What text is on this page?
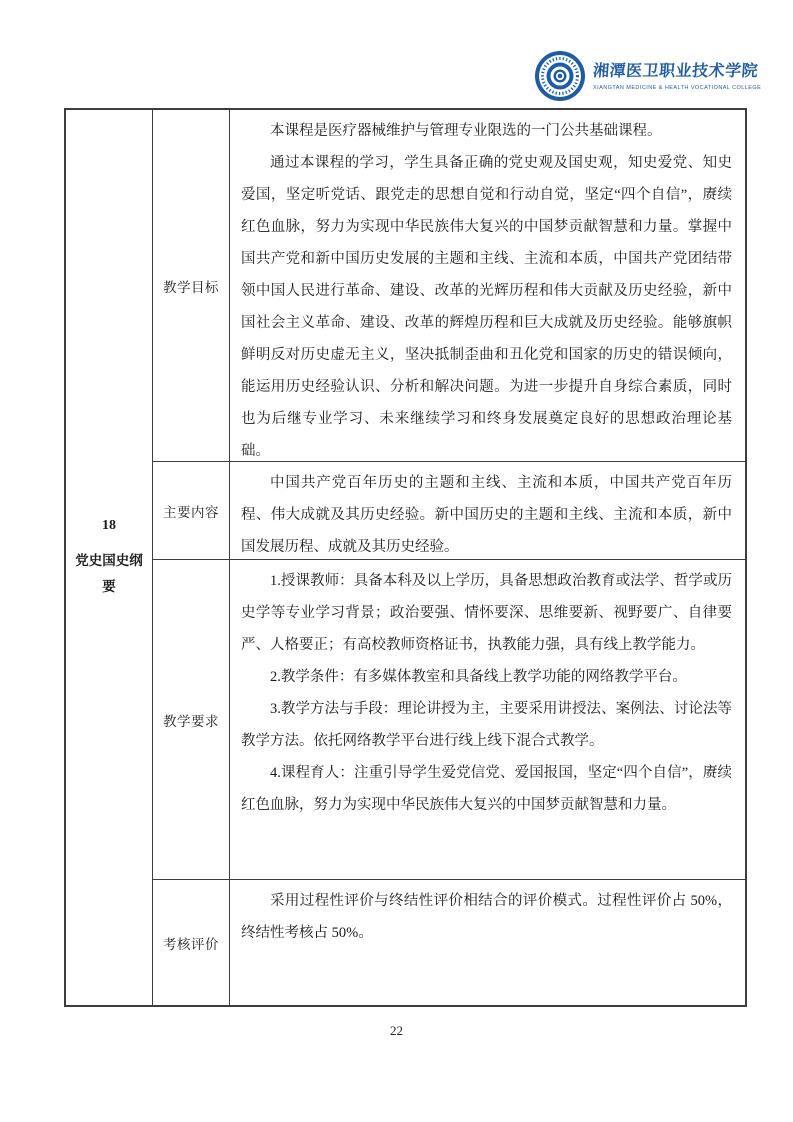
湘潭医卫职业技术学院
XIANGTAN MEDICINE & HEALTH VOCATIONAL COLLEGE
18
党史国史纲要
教学目标

本课程是医疗器械维护与管理专业限选的一门公共基础课程。

通过本课程的学习，学生具备正确的党史观及国史观，知史爱党、知史爱国，坚定听党话、跟党走的思想自觉和行动自觉，坚定“四个自信”，赓续红色血脉，努力为实现中华民族伟大复兴的中国梦贡献智慧和力量。掌握中国共产党和新中国历史发展的主题和主线、主流和本质，中国共产党团结带领中国人民进行革命、建设、改革的光辉历程和伟大贡献及历史经验，新中国社会主义革命、建设、改革的辉煌历程和巨大成就及历史经验。能够旗帜鲜明反对历史虚无主义，坚决抵制歪曲和丑化党和国家的历史的错误倾向，能运用历史经验认识、分析和解决问题。为进一步提升自身综合素质，同时也为后继专业学习、未来继续学习和终身发展奠定良好的思想政治理论基础。

主要内容

中国共产党百年历史的主题和主线、主流和本质，中国共产党百年历程、伟大成就及其历史经验。新中国历史的主题和主线、主流和本质，新中国发展历程、成就及其历史经验。

教学要求

1.授课教师：具备本科及以上学历，具备思想政治教育或法学、哲学或历史学等专业学习背景；政治要强、情怀要深、思维要新、视野要广、自律要严、人格要正；有高校教师资格证书，执教能力强，具有线上教学能力。

2.教学条件：有多媒体教室和具备线上教学功能的网络教学平台。

3.教学方法与手段：理论讲授为主，主要采用讲授法、案例法、讨论法等教学方法。依托网络教学平台进行线上线下混合式教学。

4.课程育人：注重引导学生爱党信党、爱国报国，坚定“四个自信”，赓续红色血脉，努力为实现中华民族伟大复兴的中国梦贡献智慧和力量。

考核评价

采用过程性评价与终结性评价相结合的评价模式。过程性评价占 50%，终结性考核占 50%。

22
